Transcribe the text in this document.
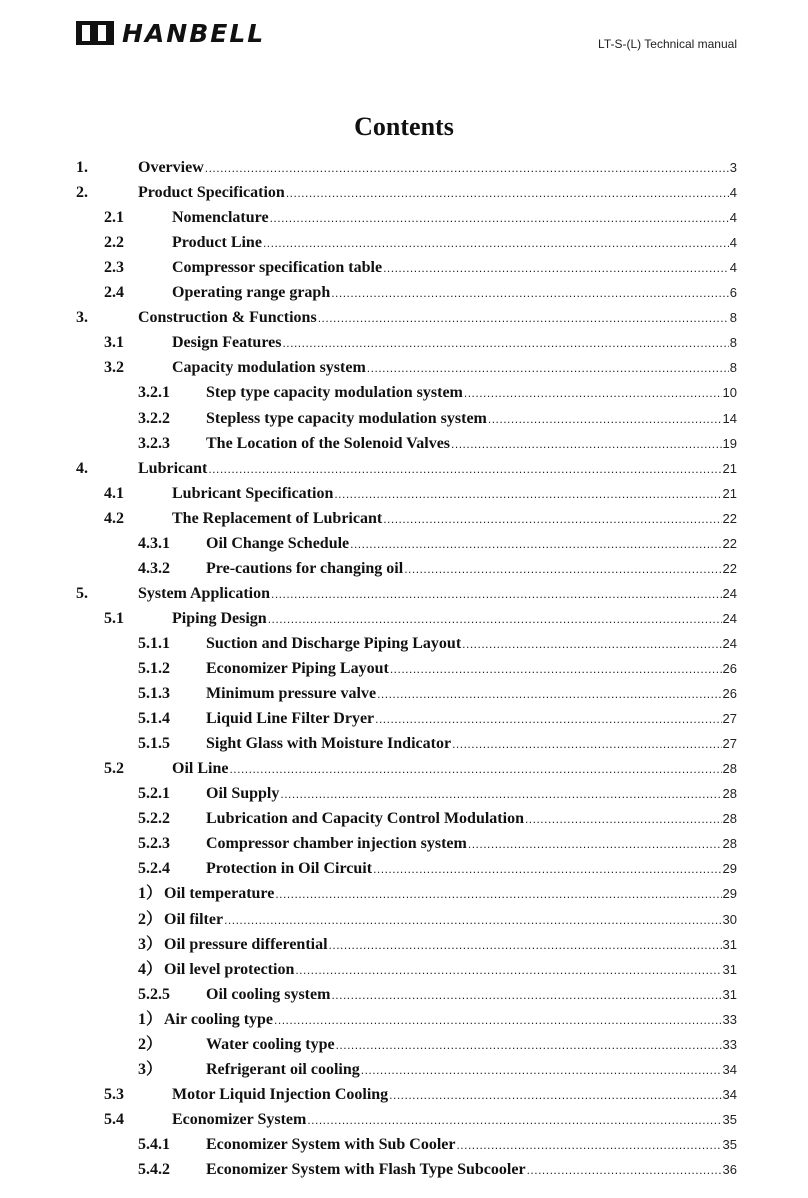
HANBELL	LT-S-(L) Technical manual
Contents
1.	Overview .....	3
2.	Product Specification .....	4
2.1	Nomenclature .....	4
2.2	Product Line .....	4
2.3	Compressor specification table .....	4
2.4	Operating range graph .....	6
3.	Construction & Functions .....	8
3.1	Design Features .....	8
3.2	Capacity modulation system .....	8
3.2.1 Step type capacity modulation system .....	10
3.2.2 Stepless type capacity modulation system .....	14
3.2.3 The Location of the Solenoid Valves .....	19
4.	Lubricant .....	21
4.1	Lubricant Specification .....	21
4.2	The Replacement of Lubricant .....	22
4.3.1 Oil Change Schedule .....	22
4.3.2 Pre-cautions for changing oil .....	22
5.	System Application .....	24
5.1	Piping Design .....	24
5.1.1 Suction and Discharge Piping Layout .....	24
5.1.2 Economizer Piping Layout .....	26
5.1.3 Minimum pressure valve .....	26
5.1.4 Liquid Line Filter Dryer .....	27
5.1.5 Sight Glass with Moisture Indicator .....	27
5.2	Oil Line .....	28
5.2.1 Oil Supply .....	28
5.2.2 Lubrication and Capacity Control Modulation .....	28
5.2.3 Compressor chamber injection system .....	28
5.2.4 Protection in Oil Circuit .....	29
1） Oil temperature .....	29
2） Oil filter .....	30
3） Oil pressure differential .....	31
4） Oil level protection .....	31
5.2.5 Oil cooling system .....	31
1） Air cooling type .....	33
2）	Water cooling type .....	33
3）	Refrigerant oil cooling .....	34
5.3	Motor Liquid Injection Cooling .....	34
5.4	Economizer System .....	35
5.4.1 Economizer System with Sub Cooler .....	35
5.4.2 Economizer System with Flash Type Subcooler .....	36
